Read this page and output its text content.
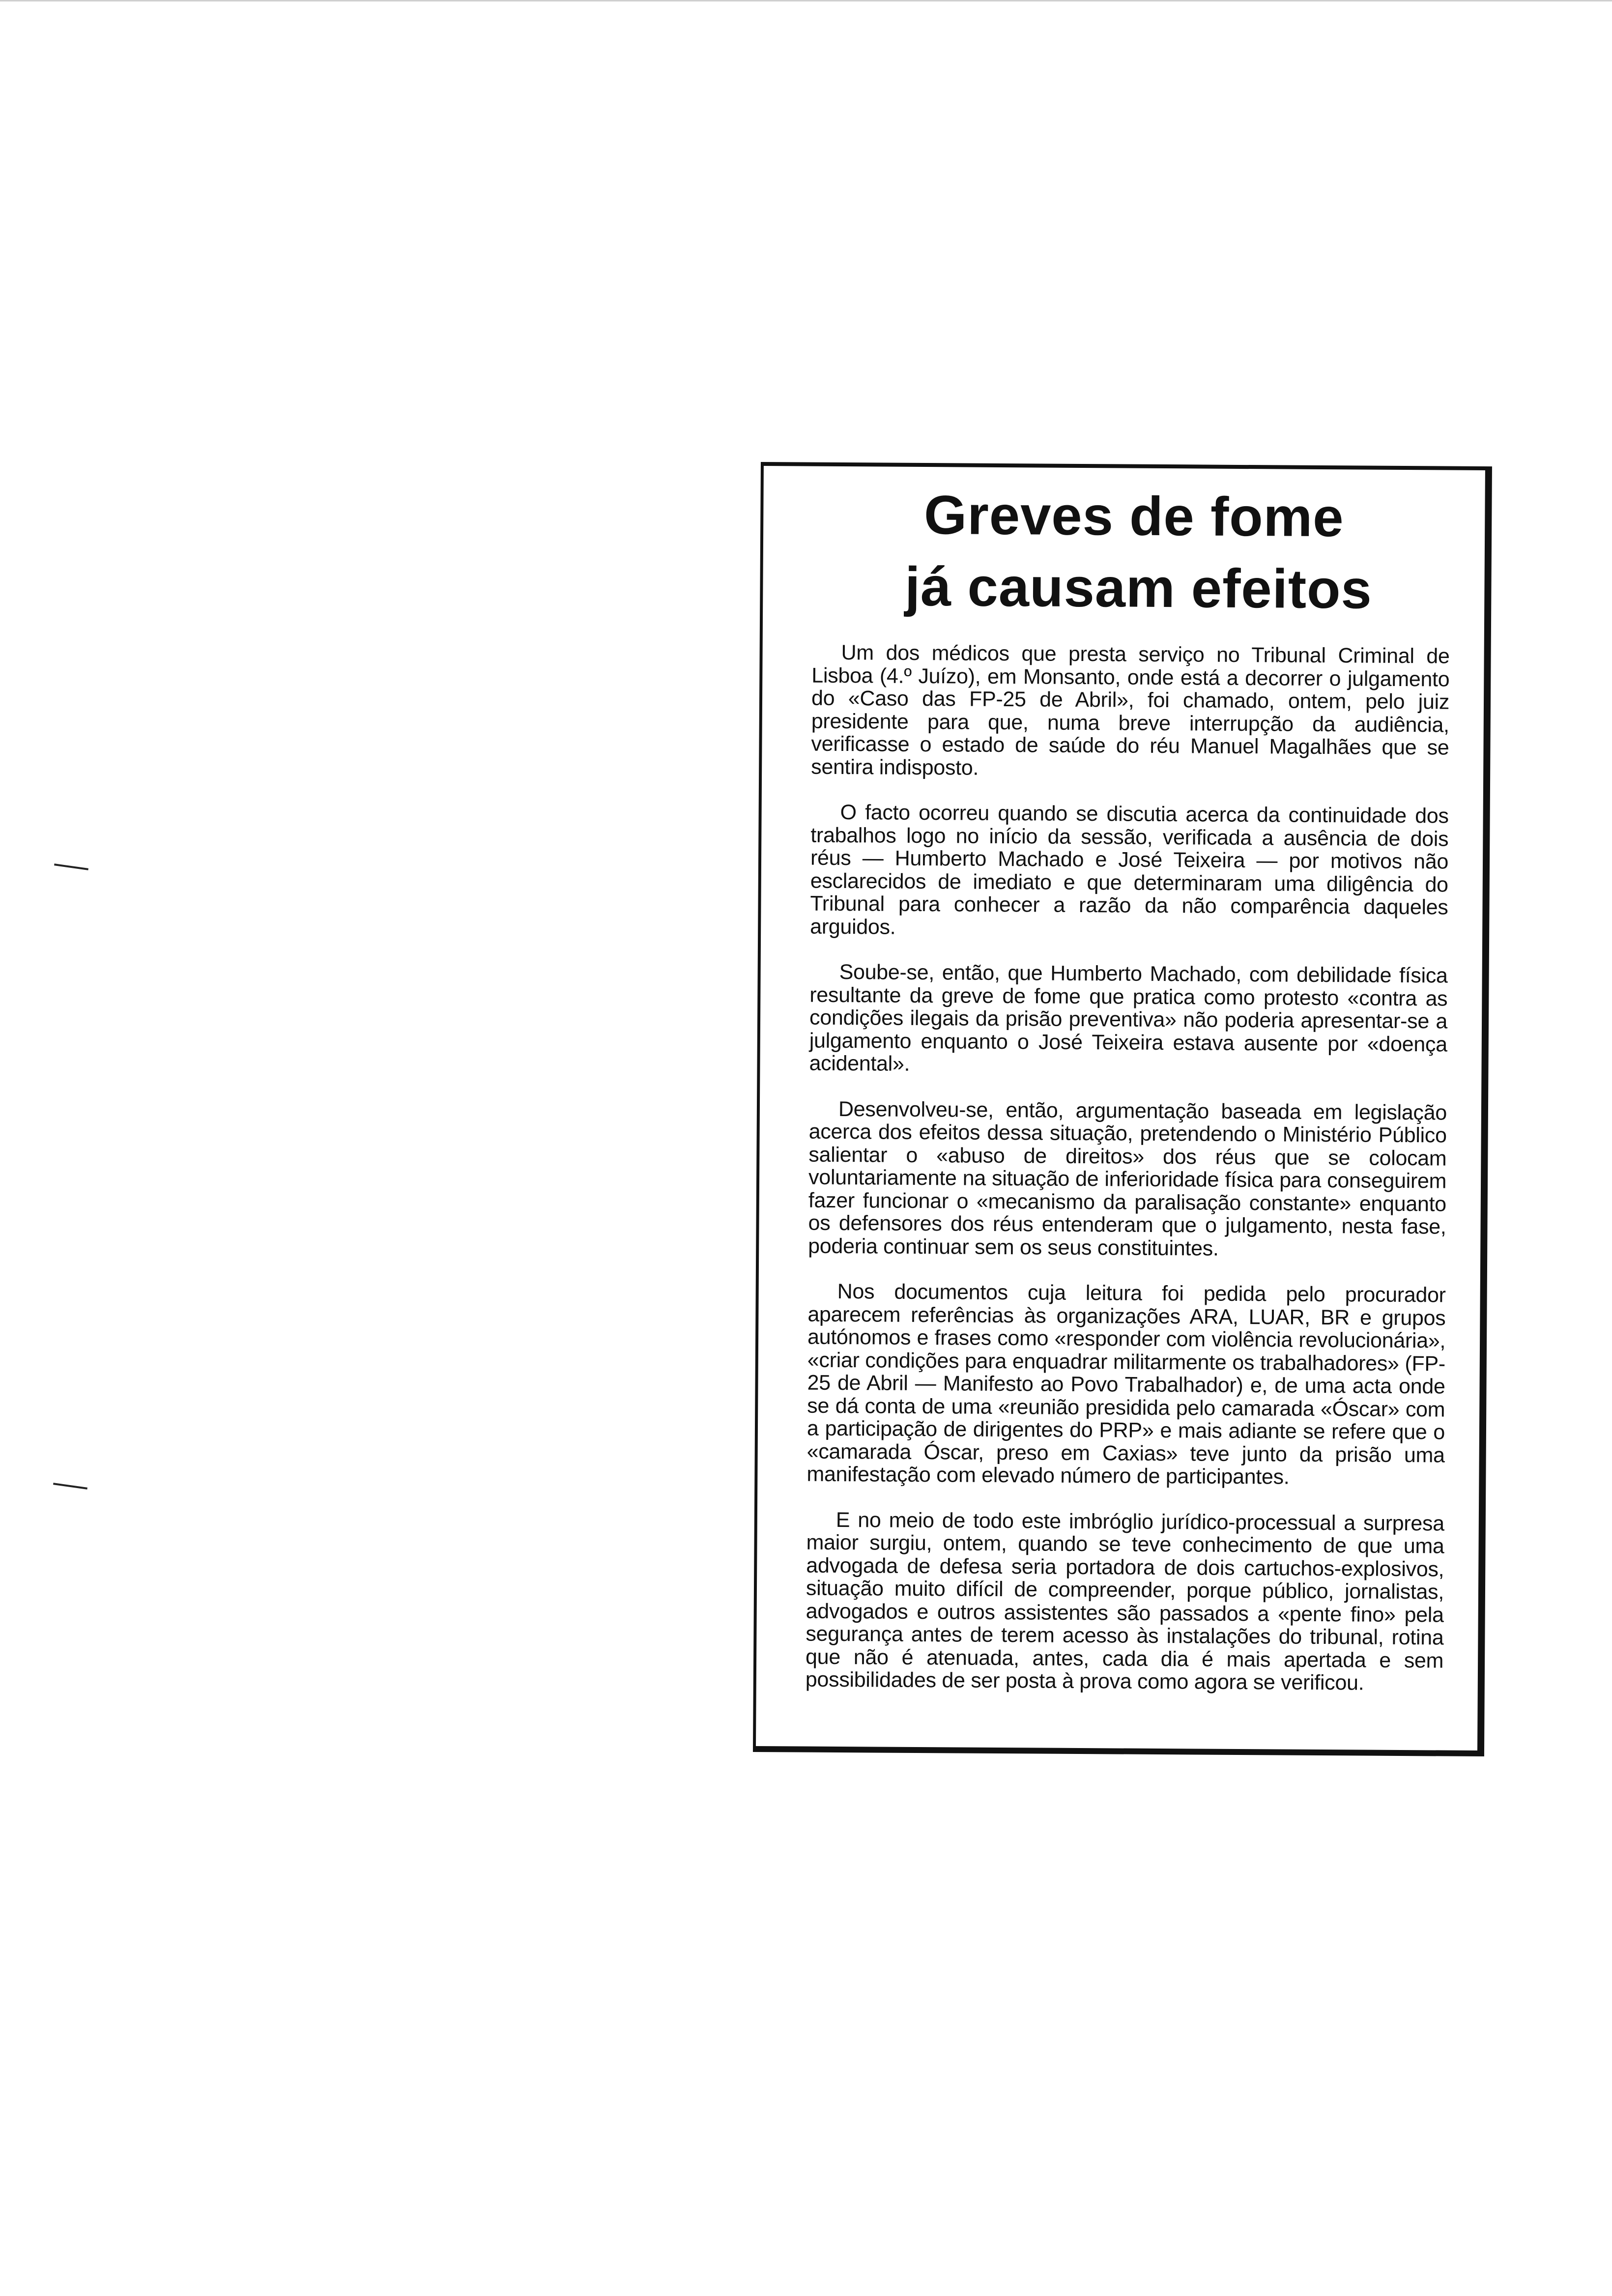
Greves de fome
já causam efeitos

Um dos médicos que presta serviço no Tribunal Criminal de Lisboa (4.º Juízo), em Monsanto, onde está a decorrer o julgamento do «Caso das FP-25 de Abril», foi chamado, ontem, pelo juiz presidente para que, numa breve interrupção da audiência, verificasse o estado de saúde do réu Manuel Magalhães que se sentira indisposto.

O facto ocorreu quando se discutia acerca da continuidade dos trabalhos logo no início da sessão, verificada a ausência de dois réus — Humberto Machado e José Teixeira — por motivos não esclarecidos de imediato e que determinaram uma diligência do Tribunal para conhecer a razão da não comparência daqueles arguidos.

Soube-se, então, que Humberto Machado, com debilidade física resultante da greve de fome que pratica como protesto «contra as condições ilegais da prisão preventiva» não poderia apresentar-se a julgamento enquanto o José Teixeira estava ausente por «doença acidental».

Desenvolveu-se, então, argumentação baseada em legislação acerca dos efeitos dessa situação, pretendendo o Ministério Público salientar o «abuso de direitos» dos réus que se colocam voluntariamente na situação de inferioridade física para conseguirem fazer funcionar o «mecanismo da paralisação constante» enquanto os defensores dos réus entenderam que o julgamento, nesta fase, poderia continuar sem os seus constituintes.

Nos documentos cuja leitura foi pedida pelo procurador aparecem referências às organizações ARA, LUAR, BR e grupos autónomos e frases como «responder com violência revolucionária», «criar condições para enquadrar militarmente os trabalhadores» (FP-25 de Abril — Manifesto ao Povo Trabalhador) e, de uma acta onde se dá conta de uma «reunião presidida pelo camarada «Óscar» com a participação de dirigentes do PRP» e mais adiante se refere que o «camarada Óscar, preso em Caxias» teve junto da prisão uma manifestação com elevado número de participantes.

E no meio de todo este imbróglio jurídico-processual a surpresa maior surgiu, ontem, quando se teve conhecimento de que uma advogada de defesa seria portadora de dois cartuchos-explosivos, situação muito difícil de compreender, porque público, jornalistas, advogados e outros assistentes são passados a «pente fino» pela segurança antes de terem acesso às instalações do tribunal, rotina que não é atenuada, antes, cada dia é mais apertada e sem possibilidades de ser posta à prova como agora se verificou.
